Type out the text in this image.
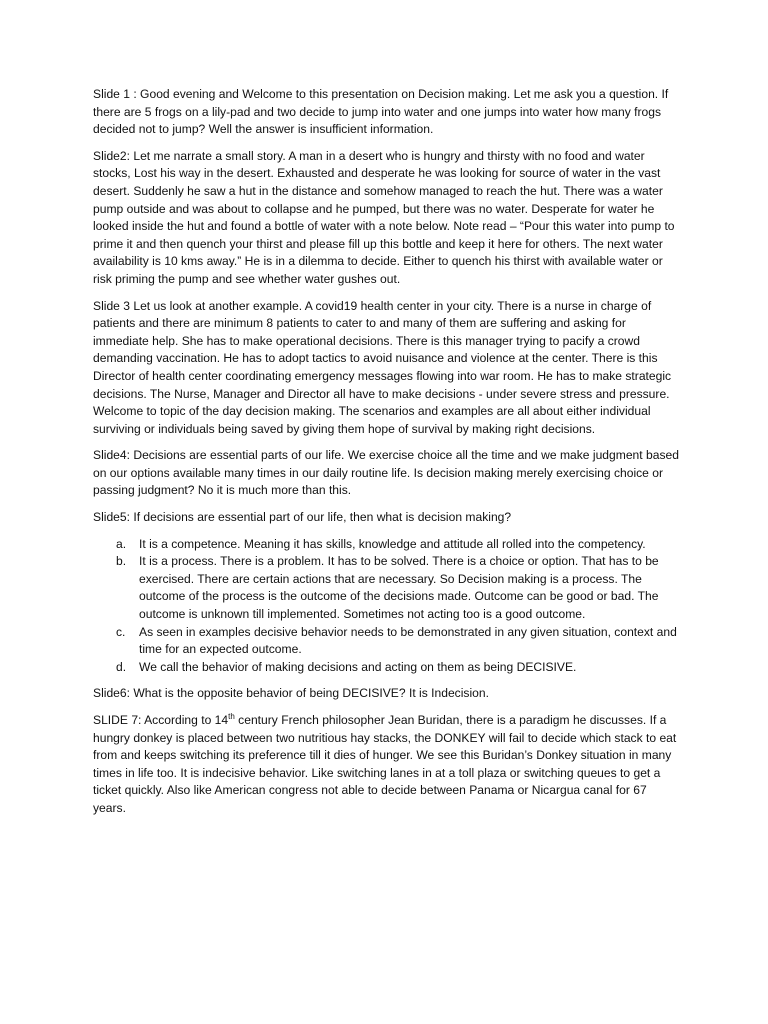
Slide 1 : Good evening and Welcome to this presentation on Decision making. Let me ask you a question. If there are 5 frogs on a lily-pad and two decide to jump into water and one jumps into water how many frogs decided not to jump? Well the answer is insufficient information.

Slide2: Let me narrate a small story. A man in a desert who is hungry and thirsty with no food and water stocks, Lost his way in the desert. Exhausted and desperate he was looking for source of water in the vast desert. Suddenly he saw a hut in the distance and somehow managed to reach the hut. There was a water pump outside and was about to collapse and he pumped, but there was no water. Desperate for water he looked inside the hut and found a bottle of water with a note below. Note read – “Pour this water into pump to prime it and then quench your thirst and please fill up this bottle and keep it here for others. The next water availability is 10 kms away.” He is in a dilemma to decide. Either to quench his thirst with available water or risk priming the pump and see whether water gushes out.

Slide 3 Let us look at another example. A covid19 health center in your city. There is a nurse in charge of patients and there are minimum 8 patients to cater to and many of them are suffering and asking for immediate help. She has to make operational decisions. There is this manager trying to pacify a crowd demanding vaccination. He has to adopt tactics to avoid nuisance and violence at the center. There is this Director of health center coordinating emergency messages flowing into war room. He has to make strategic decisions. The Nurse, Manager and Director all have to make decisions - under severe stress and pressure. Welcome to topic of the day decision making. The scenarios and examples are all about either individual surviving or individuals being saved by giving them hope of survival by making right decisions.

Slide4: Decisions are essential parts of our life. We exercise choice all the time and we make judgment based on our options available many times in our daily routine life. Is decision making merely exercising choice or passing judgment? No it is much more than this.

Slide5: If decisions are essential part of our life, then what is decision making?

a. It is a competence. Meaning it has skills, knowledge and attitude all rolled into the competency.
b. It is a process. There is a problem. It has to be solved. There is a choice or option. That has to be exercised. There are certain actions that are necessary. So Decision making is a process. The outcome of the process is the outcome of the decisions made. Outcome can be good or bad. The outcome is unknown till implemented. Sometimes not acting too is a good outcome.
c. As seen in examples decisive behavior needs to be demonstrated in any given situation, context and time for an expected outcome.
d. We call the behavior of making decisions and acting on them as being DECISIVE.

Slide6: What is the opposite behavior of being DECISIVE? It is Indecision.

SLIDE 7: According to 14th century French philosopher Jean Buridan, there is a paradigm he discusses. If a hungry donkey is placed between two nutritious hay stacks, the DONKEY will fail to decide which stack to eat from and keeps switching its preference till it dies of hunger. We see this Buridan’s Donkey situation in many times in life too. It is indecisive behavior. Like switching lanes in at a toll plaza or switching queues to get a ticket quickly. Also like American congress not able to decide between Panama or Nicargua canal for 67 years.
